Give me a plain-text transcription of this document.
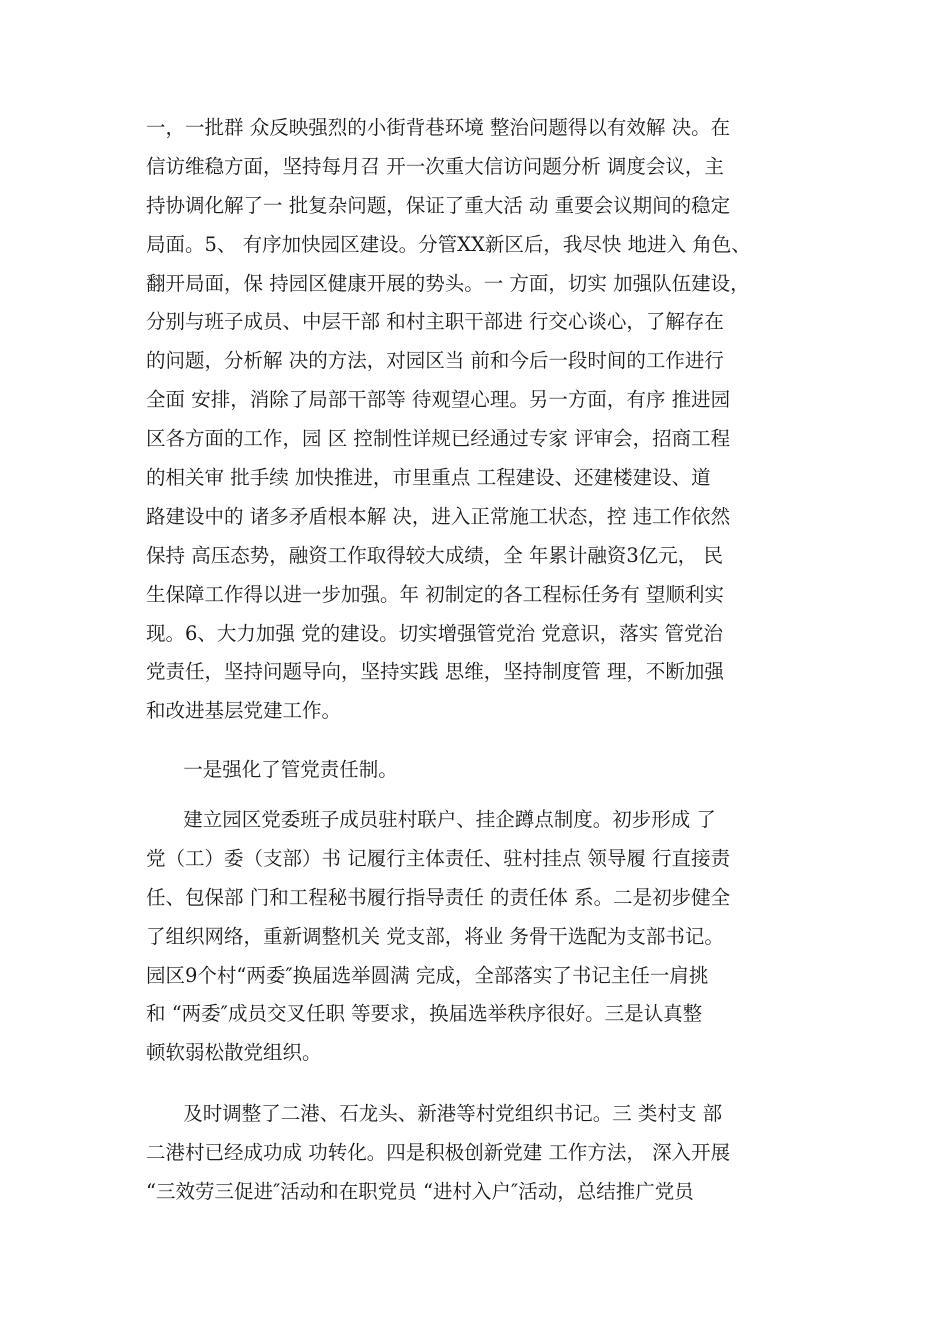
一，一批群 众反映强烈的小街背巷环境 整治问题得以有效解 决。在
信访维稳方面，坚持每月召 开一次重大信访问题分析 调度会议，主
持协调化解了一 批复杂问题，保证了重大活 动 重要会议期间的稳定
局面。5、 有序加快园区建设。分管XX新区后，我尽快 地进入 角色、
翻开局面，保 持园区健康开展的势头。一 方面，切实 加强队伍建设，
分别与班子成员、中层干部 和村主职干部进 行交心谈心，了解存在
的问题，分析解 决的方法，对园区当 前和今后一段时间的工作进行
全面 安排，消除了局部干部等 待观望心理。另一方面，有序 推进园
区各方面的工作，园 区 控制性详规已经通过专家 评审会，招商工程
的相关审 批手续 加快推进，市里重点 工程建设、还建楼建设、道
路建设中的 诸多矛盾根本解 决，进入正常施工状态，控 违工作依然
保持 高压态势，融资工作取得较大成绩，全 年累计融资3亿元， 民
生保障工作得以进一步加强。年 初制定的各工程标任务有 望顺利实
现。6、大力加强 党的建设。切实增强管党治 党意识，落实 管党治
党责任，坚持问题导向，坚持实践 思维，坚持制度管 理，不断加强
和改进基层党建工作。
一是强化了管党责任制。
建立园区党委班子成员驻村联户、挂企蹲点制度。初步形成 了
党（工）委（支部）书 记履行主体责任、驻村挂点 领导履 行直接责
任、包保部 门和工程秘书履行指导责任 的责任体 系。二是初步健全
了组织网络，重新调整机关 党支部，将业 务骨干选配为支部书记。
园区9个村“两委″换届选举圆满 完成，全部落实了书记主任一肩挑
和 “两委″成员交叉任职 等要求，换届选举秩序很好。三是认真整
顿软弱松散党组织。
及时调整了二港、石龙头、新港等村党组织书记。三 类村支 部
二港村已经成功成 功转化。四是积极创新党建 工作方法， 深入开展
“三效劳三促进″活动和在职党员 “进村入户″活动，总结推广党员
